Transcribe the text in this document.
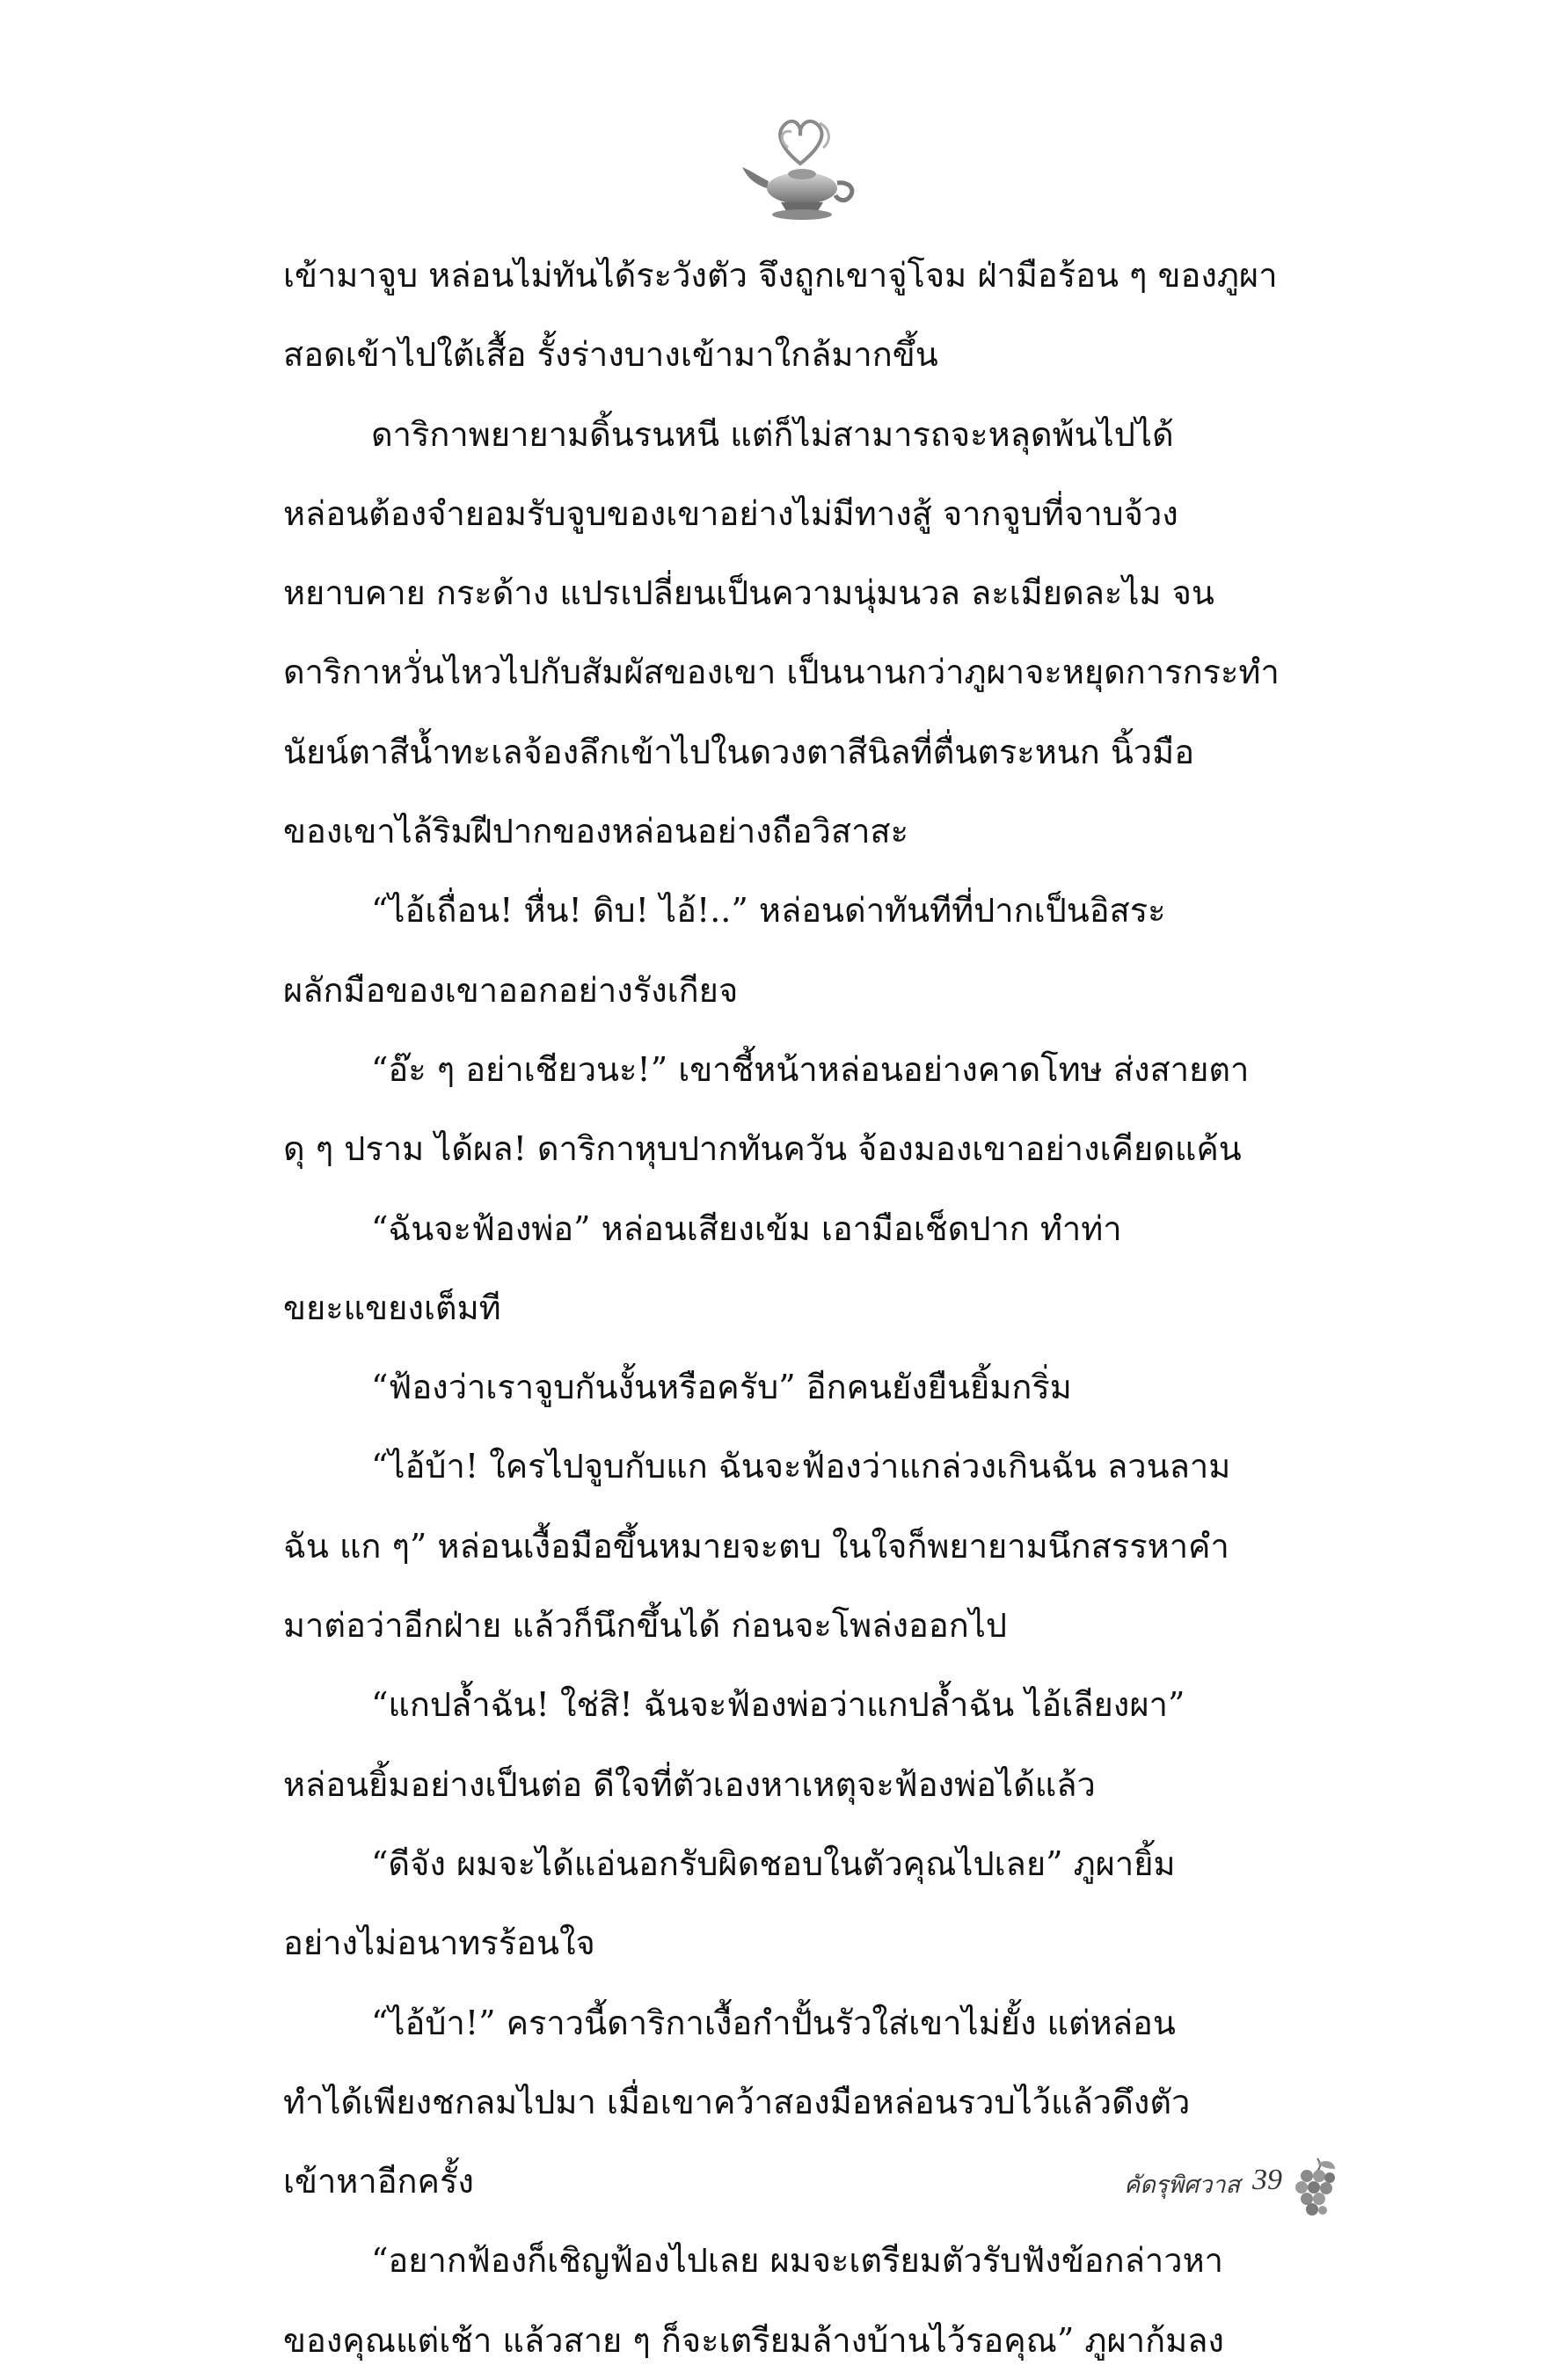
เข้ามาจูบ หล่อนไม่ทันได้ระวังตัว จึงถูกเขาจู่โจม ฝ่ามือร้อน ๆ ของภูผา
สอดเข้าไปใต้เสื้อ รั้งร่างบางเข้ามาใกล้มากขึ้น
ดาริกาพยายามดิ้นรนหนี แต่ก็ไม่สามารถจะหลุดพ้นไปได้
หล่อนต้องจำยอมรับจูบของเขาอย่างไม่มีทางสู้ จากจูบที่จาบจ้วง
หยาบคาย กระด้าง แปรเปลี่ยนเป็นความนุ่มนวล ละเมียดละไม จน
ดาริกาหวั่นไหวไปกับสัมผัสของเขา เป็นนานกว่าภูผาจะหยุดการกระทำ
นัยน์ตาสีน้ำทะเลจ้องลึกเข้าไปในดวงตาสีนิลที่ตื่นตระหนก นิ้วมือ
ของเขาไล้ริมฝีปากของหล่อนอย่างถือวิสาสะ
“ไอ้เถื่อน! หื่น! ดิบ! ไอ้!..” หล่อนด่าทันทีที่ปากเป็นอิสระ
ผลักมือของเขาออกอย่างรังเกียจ
“อ๊ะ ๆ อย่าเชียวนะ!” เขาชี้หน้าหล่อนอย่างคาดโทษ ส่งสายตา
ดุ ๆ ปราม ได้ผล! ดาริกาหุบปากทันควัน จ้องมองเขาอย่างเคียดแค้น
“ฉันจะฟ้องพ่อ” หล่อนเสียงเข้ม เอามือเช็ดปาก ทำท่า
ขยะแขยงเต็มที
“ฟ้องว่าเราจูบกันงั้นหรือครับ” อีกคนยังยืนยิ้มกริ่ม
“ไอ้บ้า! ใครไปจูบกับแก ฉันจะฟ้องว่าแกล่วงเกินฉัน ลวนลาม
ฉัน แก ๆ” หล่อนเงื้อมือขึ้นหมายจะตบ ในใจก็พยายามนึกสรรหาคำ
มาต่อว่าอีกฝ่าย แล้วก็นึกขึ้นได้ ก่อนจะโพล่งออกไป
“แกปล้ำฉัน! ใช่สิ! ฉันจะฟ้องพ่อว่าแกปล้ำฉัน ไอ้เลียงผา”
หล่อนยิ้มอย่างเป็นต่อ ดีใจที่ตัวเองหาเหตุจะฟ้องพ่อได้แล้ว
“ดีจัง ผมจะได้แอ่นอกรับผิดชอบในตัวคุณไปเลย” ภูผายิ้ม
อย่างไม่อนาทรร้อนใจ
“ไอ้บ้า!” คราวนี้ดาริกาเงื้อกำปั้นรัวใส่เขาไม่ยั้ง แต่หล่อน
ทำได้เพียงชกลมไปมา เมื่อเขาคว้าสองมือหล่อนรวบไว้แล้วดึงตัว
เข้าหาอีกครั้ง
“อยากฟ้องก็เชิญฟ้องไปเลย ผมจะเตรียมตัวรับฟังข้อกล่าวหา
ของคุณแต่เช้า แล้วสาย ๆ ก็จะเตรียมล้างบ้านไว้รอคุณ” ภูผาก้มลง
คัดรุพิศวาส 39
